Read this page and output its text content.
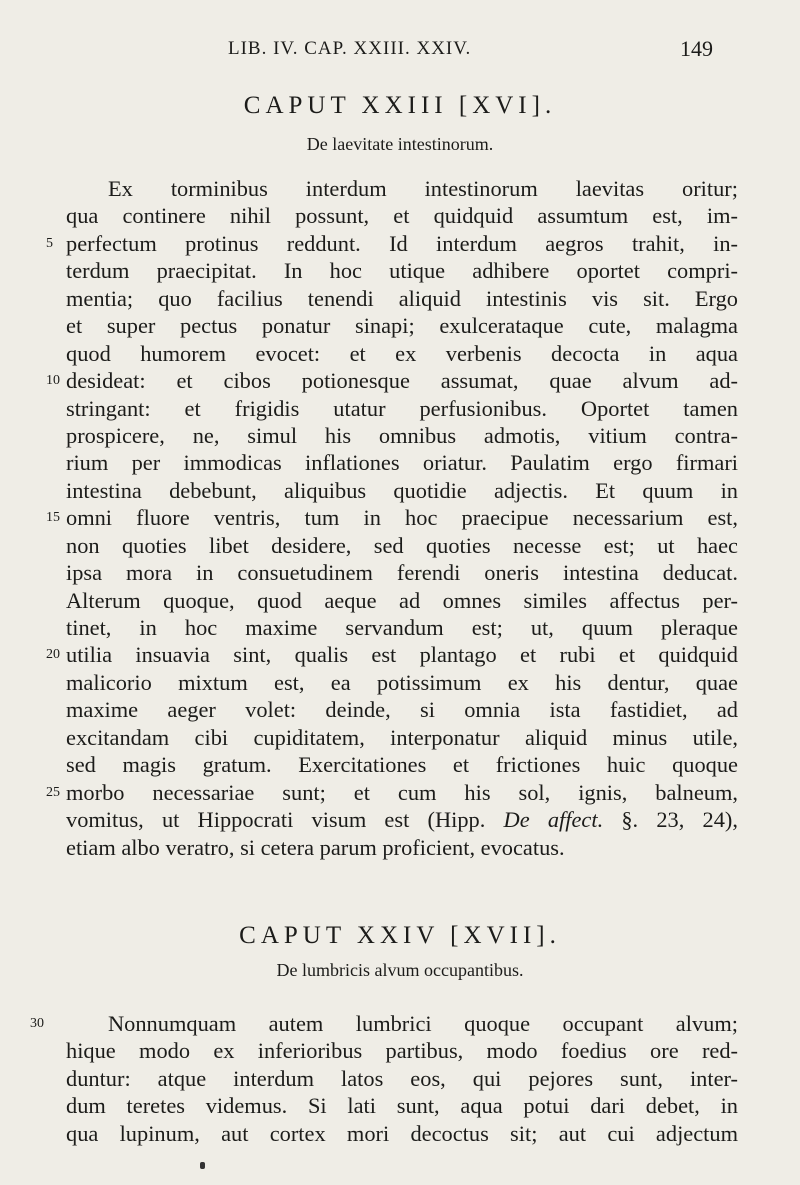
LIB. IV. CAP. XXIII. XXIV.	149
CAPUT XXIII [XVI].
De laevitate intestinorum.
Ex torminibus interdum intestinorum laevitas oritur;
qua continere nihil possunt, et quidquid assumtum est, im-
5 perfectum protinus reddunt. Id interdum aegros trahit, in-
terdum praecipitat. In hoc utique adhibere oportet compri-
mentia; quo facilius tenendi aliquid intestinis vis sit. Ergo
et super pectus ponatur sinapi; exulcerataque cute, malagma
quod humorem evocet: et ex verbenis decocta in aqua
10 desideat: et cibos potionesque assumat, quae alvum ad-
stringant: et frigidis utatur perfusionibus. Oportet tamen
prospicere, ne, simul his omnibus admotis, vitium contra-
rium per immodicas inflationes oriatur. Paulatim ergo firmari
intestina debebunt, aliquibus quotidie adjectis. Et quum in
15 omni fluore ventris, tum in hoc praecipue necessarium est,
non quoties libet desidere, sed quoties necesse est; ut haec
ipsa mora in consuetudinem ferendi oneris intestina deducat.
Alterum quoque, quod aeque ad omnes similes affectus per-
tinet, in hoc maxime servandum est; ut, quum pleraque
20 utilia insuavia sint, qualis est plantago et rubi et quidquid
malicorio mixtum est, ea potissimum ex his dentur, quae
maxime aeger volet: deinde, si omnia ista fastidiet, ad
excitandam cibi cupiditatem, interponatur aliquid minus utile,
sed magis gratum. Exercitationes et frictiones huic quoque
25 morbo necessariae sunt; et cum his sol, ignis, balneum,
vomitus, ut Hippocrati visum est (Hipp. De affect. §. 23, 24),
etiam albo veratro, si cetera parum proficient, evocatus.
CAPUT XXIV [XVII].
De lumbricis alvum occupantibus.
30	Nonnumquam autem lumbrici quoque occupant alvum;
hique modo ex inferioribus partibus, modo foedius ore red-
duntur: atque interdum latos eos, qui pejores sunt, inter-
dum teretes videmus. Si lati sunt, aqua potui dari debet, in
qua lupinum, aut cortex mori decoctus sit; aut cui adjectum
